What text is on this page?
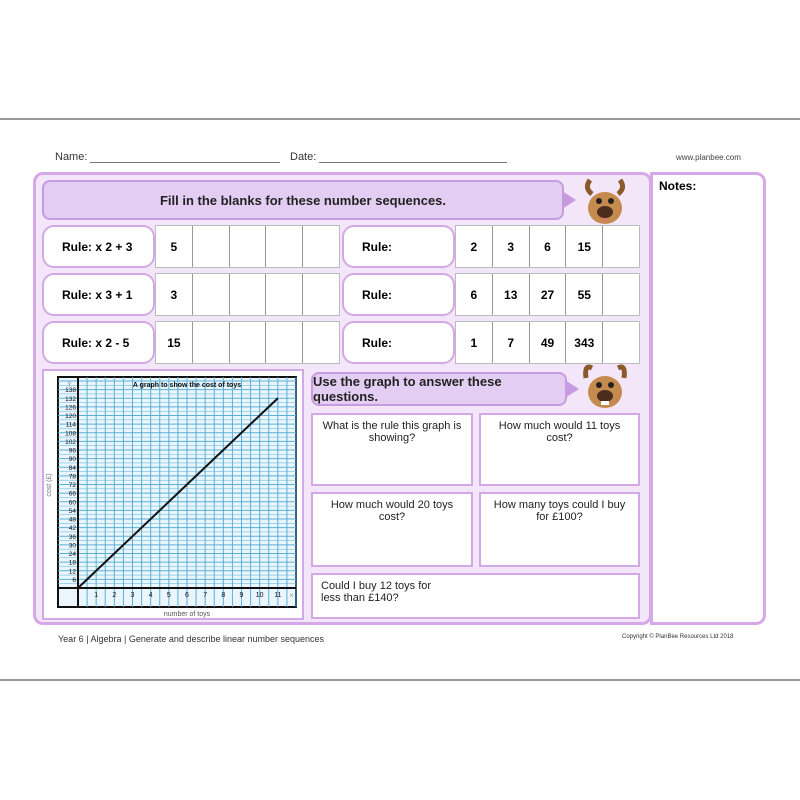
Name:	Date:	www.planbee.com
Notes:
Fill in the blanks for these number sequences.
Rule: x 2 + 3	5
Rule: x 3 + 1	3
Rule: x 2 - 5	15
Rule:	2	3	6	15
Rule:	6	13	27	55
Rule:	1	7	49	343
1 2 3 4 5 6 7 8 9 10 11
6
12
18
24
30
36
42
48
54
60
66
72
78
84
90
96
102
108
114
120
126
132
138
A graph to show the cost of toys
number of toys
cost (£)
x
y	Use the graph to answer these questions.
What is the rule this graph is showing?
How much would 11 toys cost?
How much would 20 toys cost?
How many toys could I buy for £100?
Could I buy 12 toys for less than £140?
Year 6 | Algebra | Generate and describe linear number sequences	Copyright © PlanBee Resources Ltd 2018
